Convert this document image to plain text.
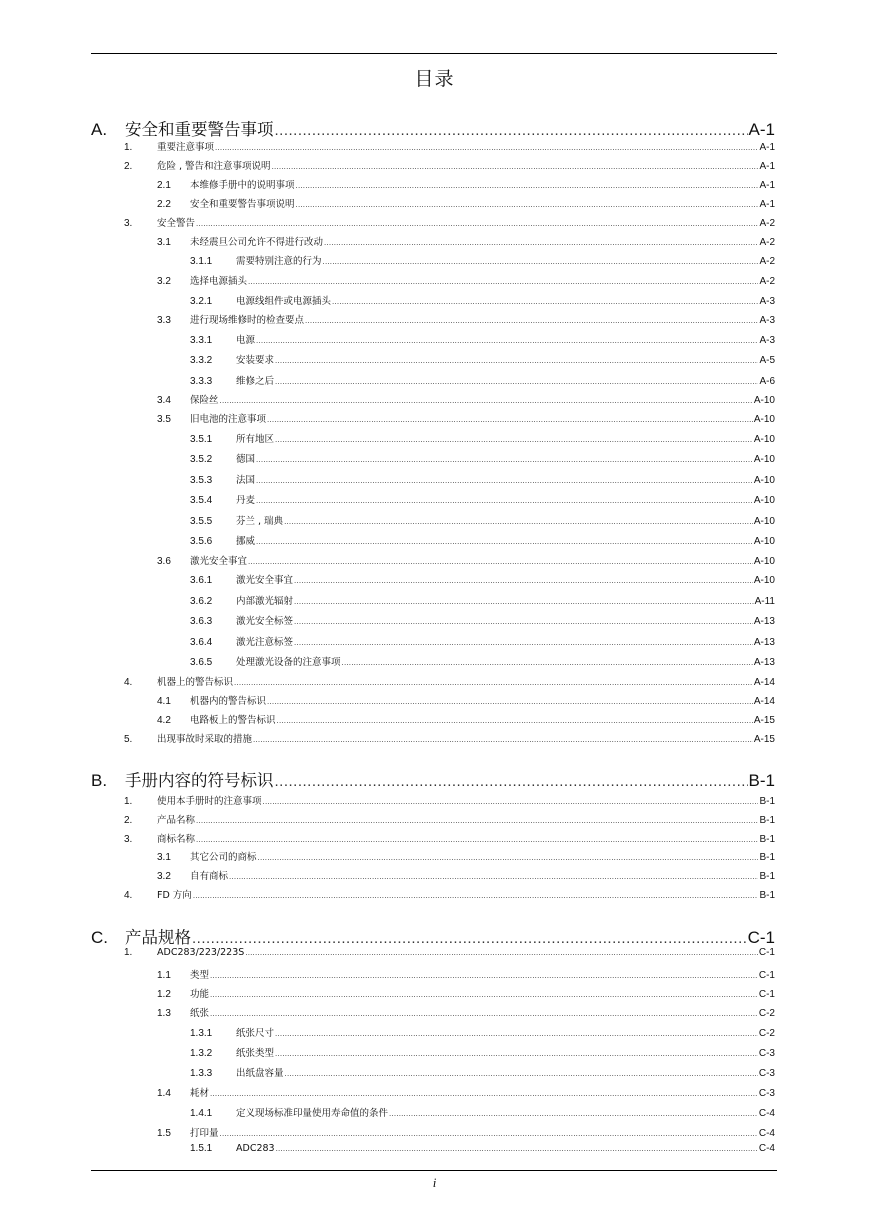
目录
A.	安全和重要警告事项 .....	A-1
1.	重要注意事项 .....	A-1
2.	危险 , 警告和注意事项说明 .....	A-1
2.1	本维修手册中的说明事项 .....	A-1
2.2	安全和重要警告事项说明 .....	A-1
3.	安全警告 .....	A-2
3.1	未经震旦公司允许不得进行改动 .....	A-2
3.1.1	需要特别注意的行为 .....	A-2
3.2	选择电源插头 .....	A-2
3.2.1	电源线组件或电源插头 .....	A-3
3.3	进行现场维修时的检查要点 .....	A-3
3.3.1	电源 .....	A-3
3.3.2	安装要求 .....	A-5
3.3.3	维修之后 .....	A-6
3.4	保险丝 .....	A-10
3.5	旧电池的注意事项 .....	A-10
3.5.1	所有地区 .....	A-10
3.5.2	德国 .....	A-10
3.5.3	法国 .....	A-10
3.5.4	丹麦 .....	A-10
3.5.5	芬兰 , 瑞典 .....	A-10
3.5.6	挪威 .....	A-10
3.6	激光安全事宜 .....	A-10
3.6.1	激光安全事宜 .....	A-10
3.6.2	内部激光辐射 .....	A-11
3.6.3	激光安全标签 .....	A-13
3.6.4	激光注意标签 .....	A-13
3.6.5	处理激光设备的注意事项 .....	A-13
4.	机器上的警告标识 .....	A-14
4.1	机器内的警告标识 .....	A-14
4.2	电路板上的警告标识 .....	A-15
5.	出现事故时采取的措施 .....	A-15
B.	手册内容的符号标识 .....	B-1
1.	使用本手册时的注意事项 .....	B-1
2.	产品名称 .....	B-1
3.	商标名称 .....	B-1
3.1	其它公司的商标 .....	B-1
3.2	自有商标 .....	B-1
4.	FD 方向 .....	B-1
C.	产品规格 .....	C-1
1.	ADC283/223/223S .....	C-1
1.1	类型 .....	C-1
1.2	功能 .....	C-1
1.3	纸张 .....	C-2
1.3.1	纸张尺寸 .....	C-2
1.3.2	纸张类型 .....	C-3
1.3.3	出纸盘容量 .....	C-3
1.4	耗材 .....	C-3
1.4.1	定义现场标准印量使用寿命值的条件 .....	C-4
1.5	打印量 .....	C-4
1.5.1	ADC283 .....	C-4
i
